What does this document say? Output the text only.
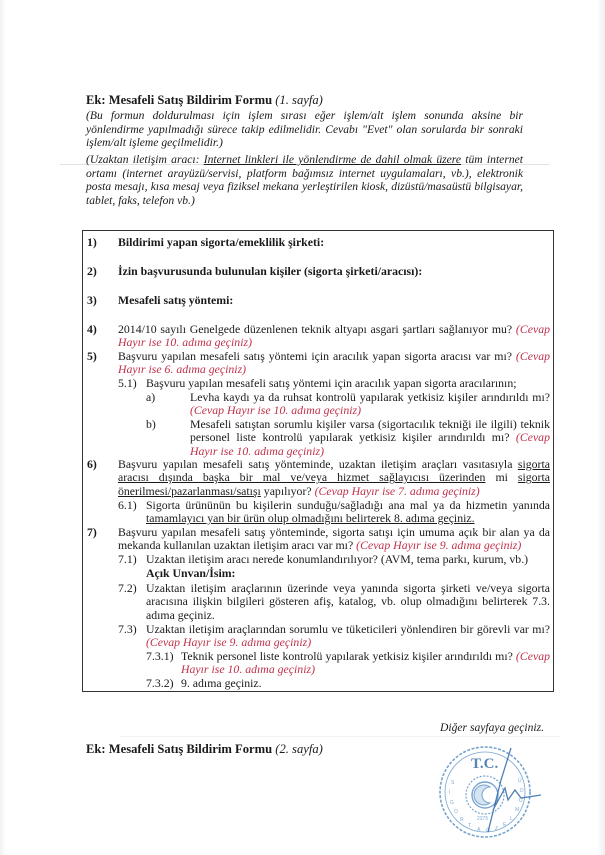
Ek: Mesafeli Satış Bildirim Formu (1. sayfa)
(Bu formun doldurulması için işlem sırası eğer işlem/alt işlem sonunda aksine bir yönlendirme yapılmadığı sürece takip edilmelidir. Cevabı "Evet" olan sorularda bir sonraki işlem/alt işleme geçilmelidir.)
(Uzaktan iletişim aracı: Internet linkleri ile yönlendirme de dahil olmak üzere tüm internet ortamı (internet arayüzü/servisi, platform bağımsız internet uygulamaları, vb.), elektronik posta mesajı, kısa mesaj veya fiziksel mekana yerleştirilen kiosk, dizüstü/masaüstü bilgisayar, tablet, faks, telefon vb.)
1) Bildirimi yapan sigorta/emeklilik şirketi:
2) İzin başvurusunda bulunulan kişiler (sigorta şirketi/aracısı):
3) Mesafeli satış yöntemi:
4) 2014/10 sayılı Genelgede düzenlenen teknik altyapı asgari şartları sağlanıyor mu? (Cevap Hayır ise 10. adıma geçiniz)
5) Başvuru yapılan mesafeli satış yöntemi için aracılık yapan sigorta aracısı var mı? (Cevap Hayır ise 6. adıma geçiniz)
5.1) Başvuru yapılan mesafeli satış yöntemi için aracılık yapan sigorta aracılarının;
a)	Levha kaydı ya da ruhsat kontrolü yapılarak yetkisiz kişiler arındırıldı mı? (Cevap Hayır ise 10. adıma geçiniz)
b)	Mesafeli satıştan sorumlu kişiler varsa (sigortacılık tekniği ile ilgili) teknik personel liste kontrolü yapılarak yetkisiz kişiler arındırıldı mı? (Cevap Hayır ise 10. adıma geçiniz)
6) Başvuru yapılan mesafeli satış yönteminde, uzaktan iletişim araçları vasıtasıyla sigorta aracısı dışında başka bir mal ve/veya hizmet sağlayıcısı üzerinden mi sigorta önerilmesi/pazarlanması/satışı yapılıyor? (Cevap Hayır ise 7. adıma geçiniz)
6.1) Sigorta ürününün bu kişilerin sunduğu/sağladığı ana mal ya da hizmetin yanında tamamlayıcı yan bir ürün olup olmadığını belirterek 8. adıma geçiniz.
7) Başvuru yapılan mesafeli satış yönteminde, sigorta satışı için umuma açık bir alan ya da mekanda kullanılan uzaktan iletişim aracı var mı? (Cevap Hayır ise 9. adıma geçiniz)
7.1) Uzaktan iletişim aracı nerede konumlandırılıyor? (AVM, tema parkı, kurum, vb.)
Açık Unvan/İsim:
7.2) Uzaktan iletişim araçlarının üzerinde veya yanında sigorta şirketi ve/veya sigorta aracısına ilişkin bilgileri gösteren afiş, katalog, vb. olup olmadığını belirterek 7.3. adıma geçiniz.
7.3) Uzaktan iletişim araçlarından sorumlu ve tüketicileri yönlendiren bir görevli var mı? (Cevap Hayır ise 9. adıma geçiniz)
7.3.1) Teknik personel liste kontrolü yapılarak yetkisiz kişiler arındırıldı mı? (Cevap Hayır ise 10. adıma geçiniz)
7.3.2) 9. adıma geçiniz.
Diğer sayfaya geçiniz.
Ek: Mesafeli Satış Bildirim Formu (2. sayfa)
T.C.
S
İ
G
O
R
T
A Ö Z
E
L
M
Ü
D
Ü
2375
